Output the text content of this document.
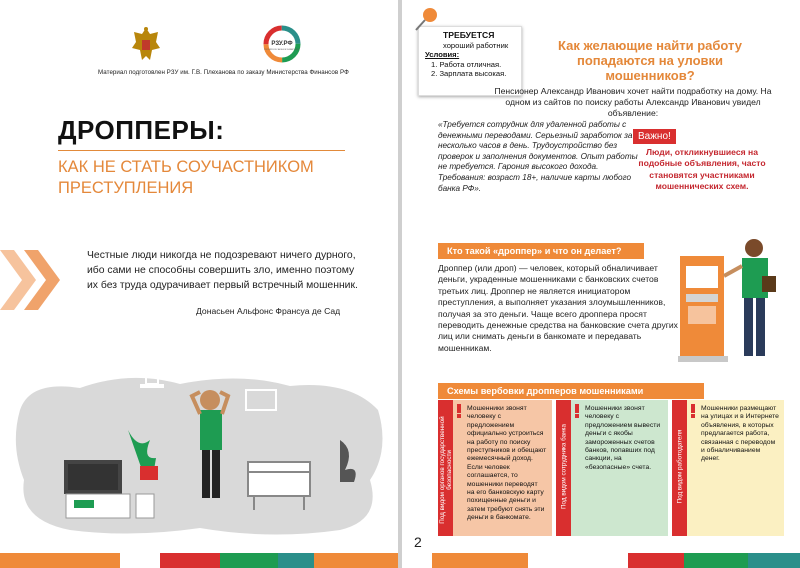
РЗУ.РФ
РОССИЙСКОЕ ЗАОЧНОЕ УНИВЕРСИТЕТ
Материал подготовлен РЗУ им. Г.В. Плеханова по заказу Министерства Финансов РФ
ДРОППЕРЫ:
КАК НЕ СТАТЬ СОУЧАСТНИКОМ ПРЕСТУПЛЕНИЯ
Честные люди никогда не подозревают ничего дурного, ибо сами не способны совершить зло, именно поэтому их без труда одурачивает первый встречный мошенник.
Донасьен Альфонс Франсуа де Сад
ТРЕБУЕТСЯ
хороший работник
Условия:
1. Работа отличная.
2. Зарплата высокая.
Как желающие найти работу попадаются на уловки мошенников?
Пенсионер Александр Иванович хочет найти подработку на дому. На одном из сайтов по поиску работы Александр Иванович увидел объявление:
«Требуется сотрудник для удаленной работы с денежными переводами. Серьезный заработок за несколько часов в день. Трудоустройство без проверок и заполнения документов. Опыт работы не требуется. Гарония высокого дохода. Требования: возраст 18+, наличие карты любого банка РФ».
Важно!
Люди, откликнувшиеся на подобные объявления, часто становятся участниками мошеннических схем.
Кто такой «дроппер» и что он делает?
Дроппер (или дроп) — человек, который обналичивает деньги, украденные мошенниками с банковских счетов третьих лиц. Дроппер не является инициатором преступления, а выполняет указания злоумышленников, получая за это деньги. Чаще всего дроппера просят переводить денежные средства на банковские счета других лиц или снимать деньги в банкомате и передавать мошенникам.
Схемы вербовки дропперов мошенниками
Под видом органов государственной безопасности
Мошенники звонят человеку с предложением официально устроиться на работу по поиску преступников и обещают ежемесячный доход. Если человек соглашается, то мошенники переводят на его банковскую карту похищенные деньги и затем требуют снять эти деньги в банкомате.
Под видом сотрудника банка
Мошенники звонят человеку с предложением вывести деньги с якобы замороженных счетов банков, попавших под санкции, на «безопасные» счета.	Под видом работодателя
Мошенники размещают на улицах и в Интернете объявления, в которых предлагается работа, связанная с переводом и обналичиванием денег.
2
